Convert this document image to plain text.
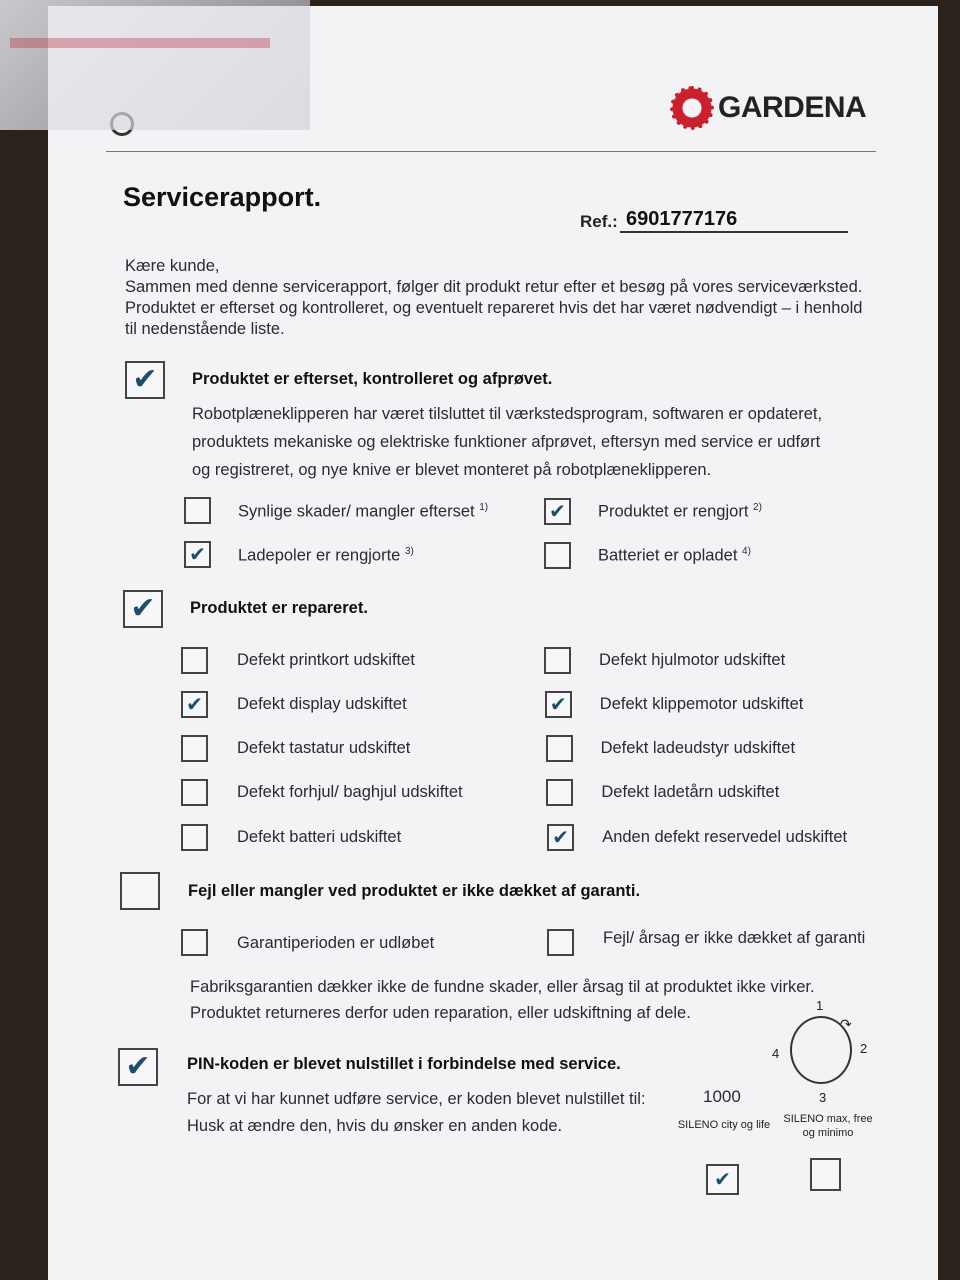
GARDENA
Servicerapport.
Ref.: 6901777176
Kære kunde,
Sammen med denne servicerapport, følger dit produkt retur efter et besøg på vores serviceværksted.
Produktet er efterset og kontrolleret, og eventuelt repareret hvis det har været nødvendigt – i henhold
til nedenstående liste.
✔	Produktet er efterset, kontrolleret og afprøvet.
Robotplæneklipperen har været tilsluttet til værkstedsprogram, softwaren er opdateret,
produktets mekaniske og elektriske funktioner afprøvet, eftersyn med service er udført
og registreret, og nye knive er blevet monteret på robotplæneklipperen.
Synlige skader/ mangler efterset $^{1)}$	✔	Produktet er rengjort $^{2)}$
✔	Ladepoler er rengjorte $^{3)}$	Batteriet er opladet $^{4)}$
✔	Produktet er repareret.
Defekt printkort udskiftet	Defekt hjulmotor udskiftet
✔	Defekt display udskiftet	✔	Defekt klippemotor udskiftet
Defekt tastatur udskiftet	Defekt ladeudstyr udskiftet
Defekt forhjul/ baghjul udskiftet	Defekt ladetårn udskiftet
Defekt batteri udskiftet	✔	Anden defekt reservedel udskiftet
Fejl eller mangler ved produktet er ikke dækket af garanti.
Garantiperioden er udløbet	Fejl/ årsag er ikke dækket af garanti
Fabriksgarantien dækker ikke de fundne skader, eller årsag til at produktet ikke virker.
Produktet returneres derfor uden reparation, eller udskiftning af dele.
✔	PIN-koden er blevet nulstillet i forbindelse med service.
For at vi har kunnet udføre service, er koden blevet nulstillet til:
Husk at ændre den, hvis du ønsker en anden kode.
1000
1
2
3
4
↷
SILENO city og life	SILENO max, free
og minimo
✔
